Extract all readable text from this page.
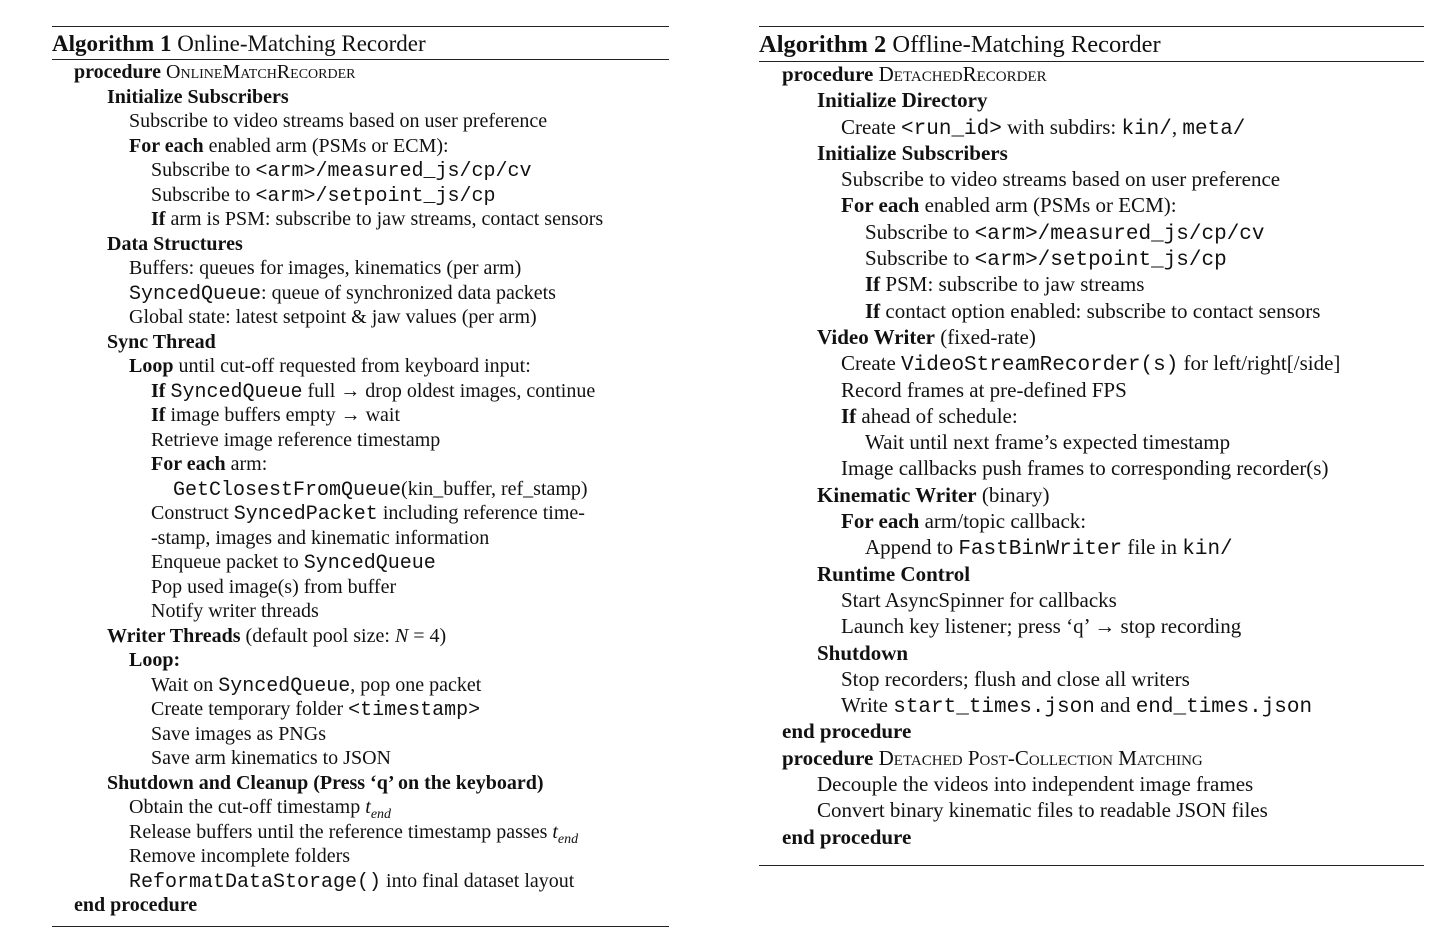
Algorithm 1 Online-Matching Recorder
procedure OnlineMatchRecorder
Initialize Subscribers
Subscribe to video streams based on user preference
For each enabled arm (PSMs or ECM):
Subscribe to <arm>/measured_js/cp/cv
Subscribe to <arm>/setpoint_js/cp
If arm is PSM: subscribe to jaw streams, contact sensors
Data Structures
Buffers: queues for images, kinematics (per arm)
SyncedQueue: queue of synchronized data packets
Global state: latest setpoint & jaw values (per arm)
Sync Thread
Loop until cut-off requested from keyboard input:
If SyncedQueue full → drop oldest images, continue
If image buffers empty → wait
Retrieve image reference timestamp
For each arm:
GetClosestFromQueue(kin_buffer, ref_stamp)
Construct SyncedPacket including reference time-
-stamp, images and kinematic information
Enqueue packet to SyncedQueue
Pop used image(s) from buffer
Notify writer threads
Writer Threads (default pool size: N = 4)
Loop:
Wait on SyncedQueue, pop one packet
Create temporary folder <timestamp>
Save images as PNGs
Save arm kinematics to JSON
Shutdown and Cleanup (Press ‘q’ on the keyboard)
Obtain the cut-off timestamp $t_{end}$
Release buffers until the reference timestamp passes $t_{end}$
Remove incomplete folders
ReformatDataStorage() into final dataset layout
end procedure
Algorithm 2 Offline-Matching Recorder
procedure DetachedRecorder
Initialize Directory
Create <run_id> with subdirs: kin/, meta/
Initialize Subscribers
Subscribe to video streams based on user preference
For each enabled arm (PSMs or ECM):
Subscribe to <arm>/measured_js/cp/cv
Subscribe to <arm>/setpoint_js/cp
If PSM: subscribe to jaw streams
If contact option enabled: subscribe to contact sensors
Video Writer (fixed-rate)
Create VideoStreamRecorder(s) for left/right[/side]
Record frames at pre-defined FPS
If ahead of schedule:
Wait until next frame’s expected timestamp
Image callbacks push frames to corresponding recorder(s)
Kinematic Writer (binary)
For each arm/topic callback:
Append to FastBinWriter file in kin/
Runtime Control
Start AsyncSpinner for callbacks
Launch key listener; press ‘q’ → stop recording
Shutdown
Stop recorders; flush and close all writers
Write start_times.json and end_times.json
end procedure
procedure Detached Post-Collection Matching
Decouple the videos into independent image frames
Convert binary kinematic files to readable JSON files
end procedure
